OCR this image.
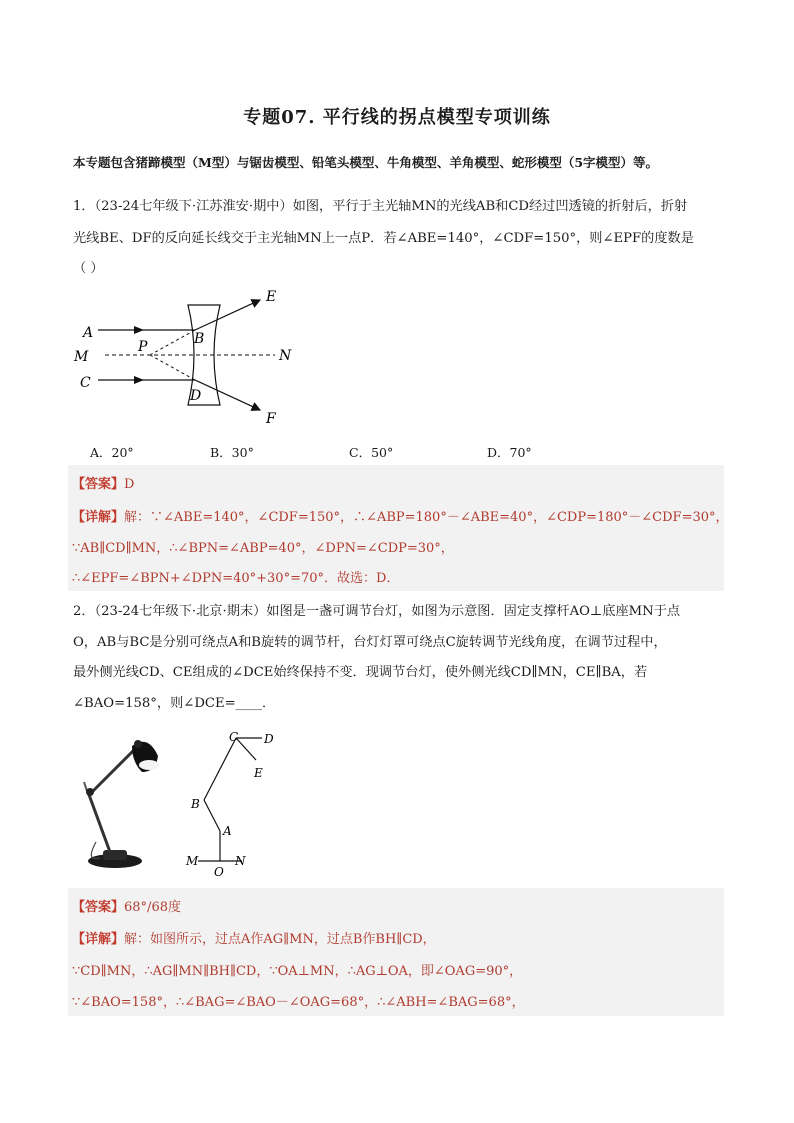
专题07. 平行线的拐点模型专项训练
本专题包含猪蹄模型（M型）与锯齿模型、铅笔头模型、牛角模型、羊角模型、蛇形模型（5字模型）等。
1．（23-24七年级下·江苏淮安·期中）如图，平行于主光轴MN的光线AB和CD经过凹透镜的折射后，折射
光线BE、DF的反向延长线交于主光轴MN上一点P．若∠ABE=140°，∠CDF=150°，则∠EPF的度数是
（ ）
A
M
C
P	B
D
E
N
F
A．20°	B．30°	C．50°	D．70°
【答案】D
【详解】解：∵∠ABE=140°，∠CDF=150°，∴∠ABP=180°－∠ABE=40°，∠CDP=180°－∠CDF=30°，
∵AB∥CD∥MN，∴∠BPN=∠ABP=40°，∠DPN=∠CDP=30°，
∴∠EPF=∠BPN+∠DPN=40°+30°=70°．故选：D．
2．（23-24七年级下·北京·期末）如图是一盏可调节台灯，如图为示意图．固定支撑杆AO⊥底座MN于点
O，AB与BC是分别可绕点A和B旋转的调节杆，台灯灯罩可绕点C旋转调节光线角度，在调节过程中，
最外侧光线CD、CE组成的∠DCE始终保持不变．现调节台灯，使外侧光线CD∥MN，CE∥BA，若
∠BAO=158°，则∠DCE=____．
C D
E
B
A
M	N
O
【答案】68°/68度
【详解】解：如图所示，过点A作AG∥MN，过点B作BH∥CD，
∵CD∥MN，∴AG∥MN∥BH∥CD，∵OA⊥MN，∴AG⊥OA，即∠OAG=90°，
∵∠BAO=158°，∴∠BAG=∠BAO－∠OAG=68°，∴∠ABH=∠BAG=68°，
